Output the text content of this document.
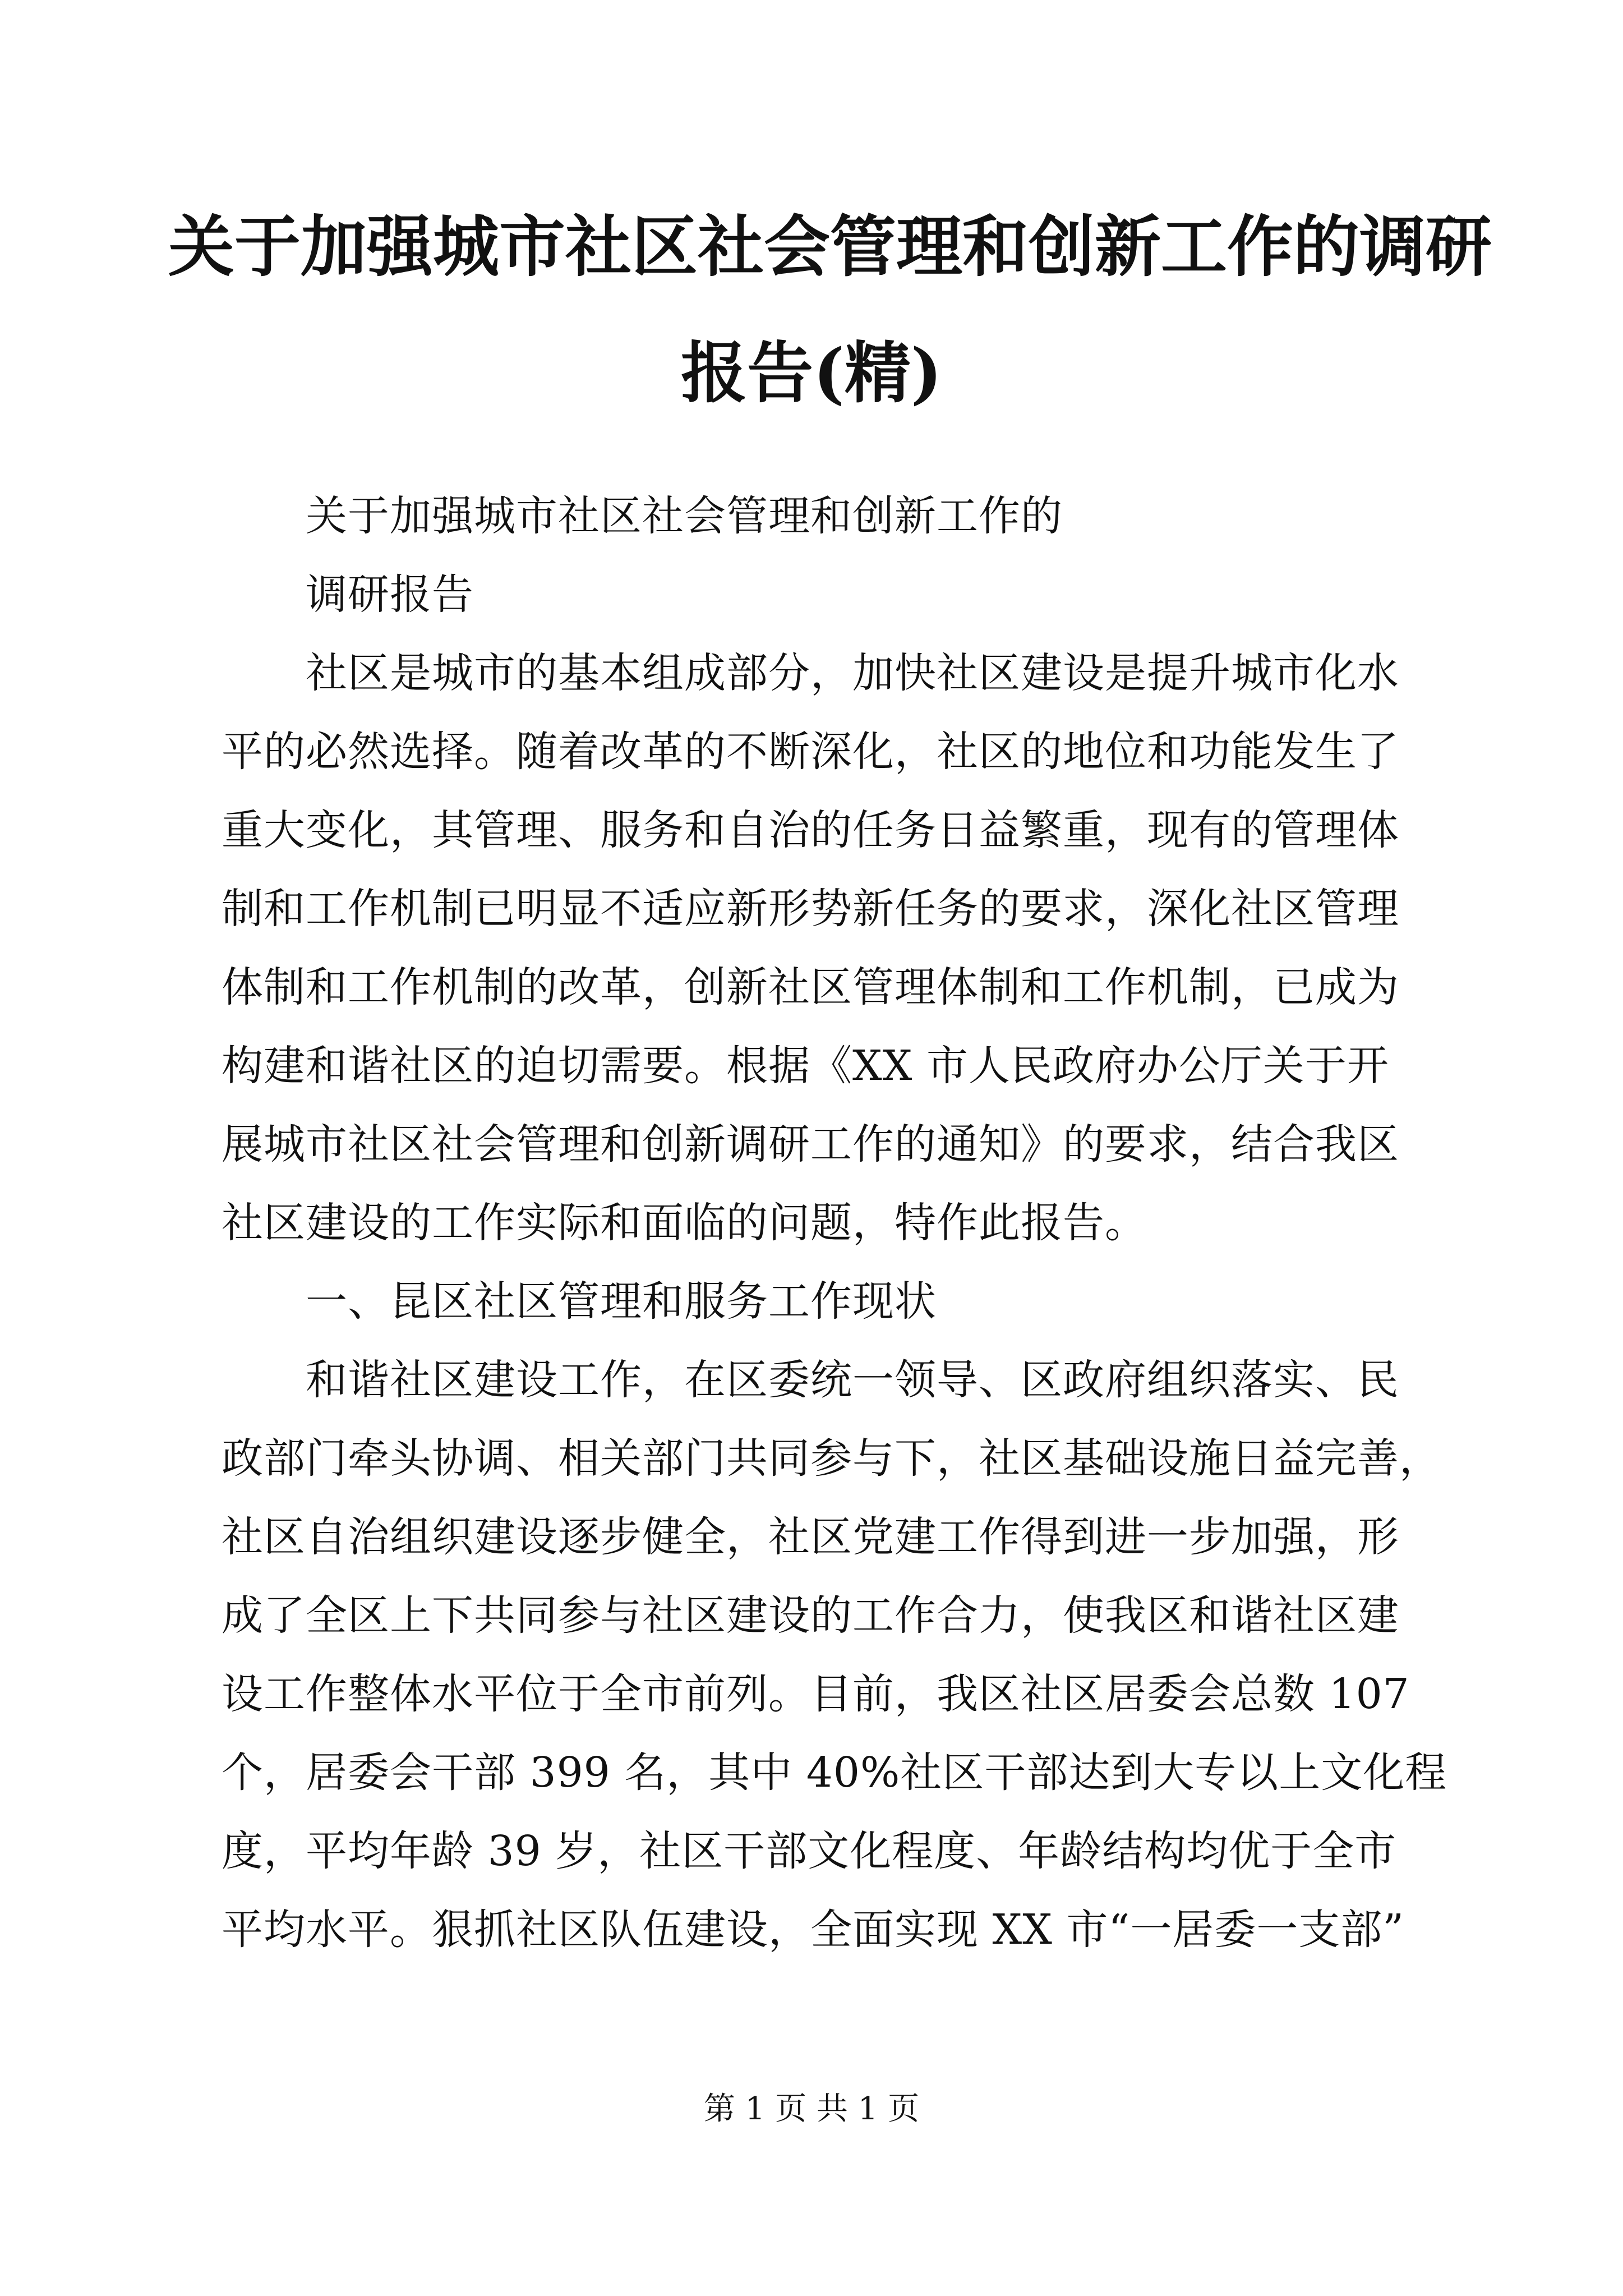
关于加强城市社区社会管理和创新工作的调研
报告(精)

关于加强城市社区社会管理和创新工作的

调研报告

社区是城市的基本组成部分，加快社区建设是提升城市化水

平的必然选择。随着改革的不断深化，社区的地位和功能发生了

重大变化，其管理、服务和自治的任务日益繁重，现有的管理体

制和工作机制已明显不适应新形势新任务的要求，深化社区管理

体制和工作机制的改革，创新社区管理体制和工作机制，已成为

构建和谐社区的迫切需要。根据《XX 市人民政府办公厅关于开

展城市社区社会管理和创新调研工作的通知》的要求，结合我区

社区建设的工作实际和面临的问题，特作此报告。

一、昆区社区管理和服务工作现状

和谐社区建设工作，在区委统一领导、区政府组织落实、民

政部门牵头协调、相关部门共同参与下，社区基础设施日益完善，

社区自治组织建设逐步健全，社区党建工作得到进一步加强，形

成了全区上下共同参与社区建设的工作合力，使我区和谐社区建

设工作整体水平位于全市前列。目前，我区社区居委会总数 107

个，居委会干部 399 名，其中 40%社区干部达到大专以上文化程

度，平均年龄 39 岁，社区干部文化程度、年龄结构均优于全市

平均水平。狠抓社区队伍建设，全面实现 XX 市“一居委一支部”

第 1 页 共 1 页
